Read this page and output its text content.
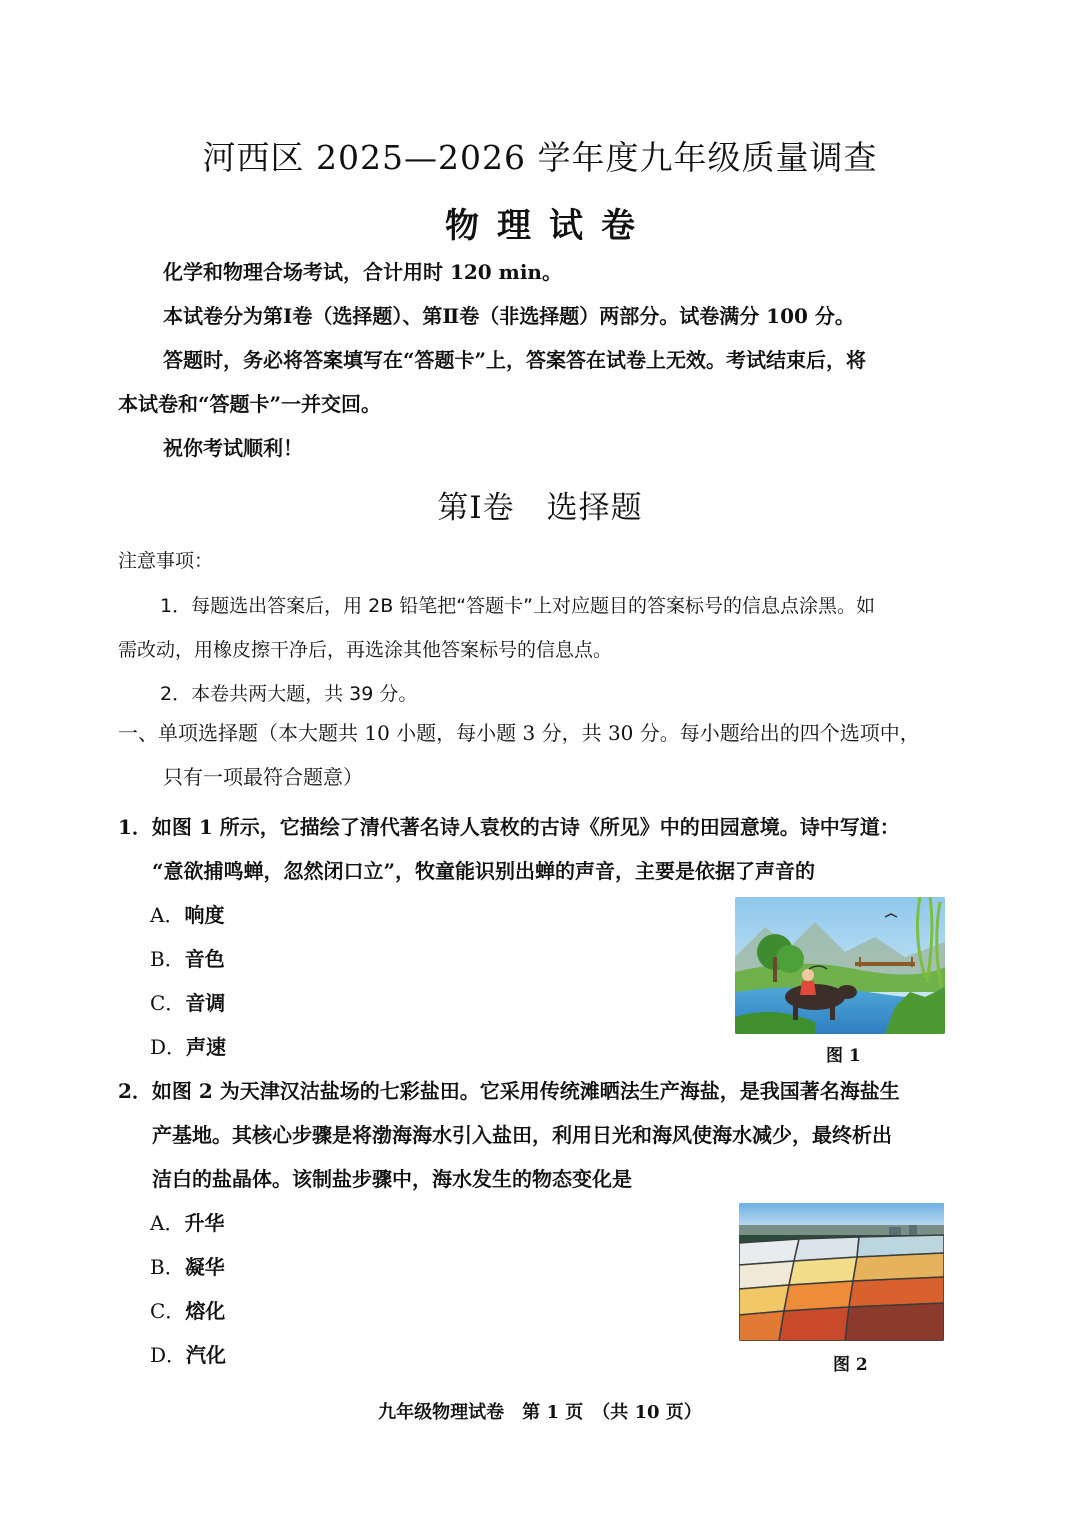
河西区 2025—2026 学年度九年级质量调查
物理试卷
化学和物理合场考试，合计用时 120 min。
本试卷分为第Ⅰ卷（选择题）、第Ⅱ卷（非选择题）两部分。试卷满分 100 分。
答题时，务必将答案填写在“答题卡”上，答案答在试卷上无效。考试结束后，将
本试卷和“答题卡”一并交回。
祝你考试顺利！
第Ⅰ卷　选择题
注意事项：
1．每题选出答案后，用 2B 铅笔把“答题卡”上对应题目的答案标号的信息点涂黑。如
需改动，用橡皮擦干净后，再选涂其他答案标号的信息点。
2．本卷共两大题，共 39 分。
一、单项选择题（本大题共 10 小题，每小题 3 分，共 30 分。每小题给出的四个选项中，
只有一项最符合题意）
1．如图 1 所示，它描绘了清代著名诗人袁枚的古诗《所见》中的田园意境。诗中写道：
“意欲捕鸣蝉，忽然闭口立”，牧童能识别出蝉的声音，主要是依据了声音的
A．响度
B．音色
C．音调
D．声速	图 1
2．如图 2 为天津汉沽盐场的七彩盐田。它采用传统滩晒法生产海盐，是我国著名海盐生
产基地。其核心步骤是将渤海海水引入盐田，利用日光和海风使海水减少，最终析出
洁白的盐晶体。该制盐步骤中，海水发生的物态变化是
A．升华
B．凝华
C．熔化
D．汽化	图 2
九年级物理试卷　第 1 页　（共 10 页）
